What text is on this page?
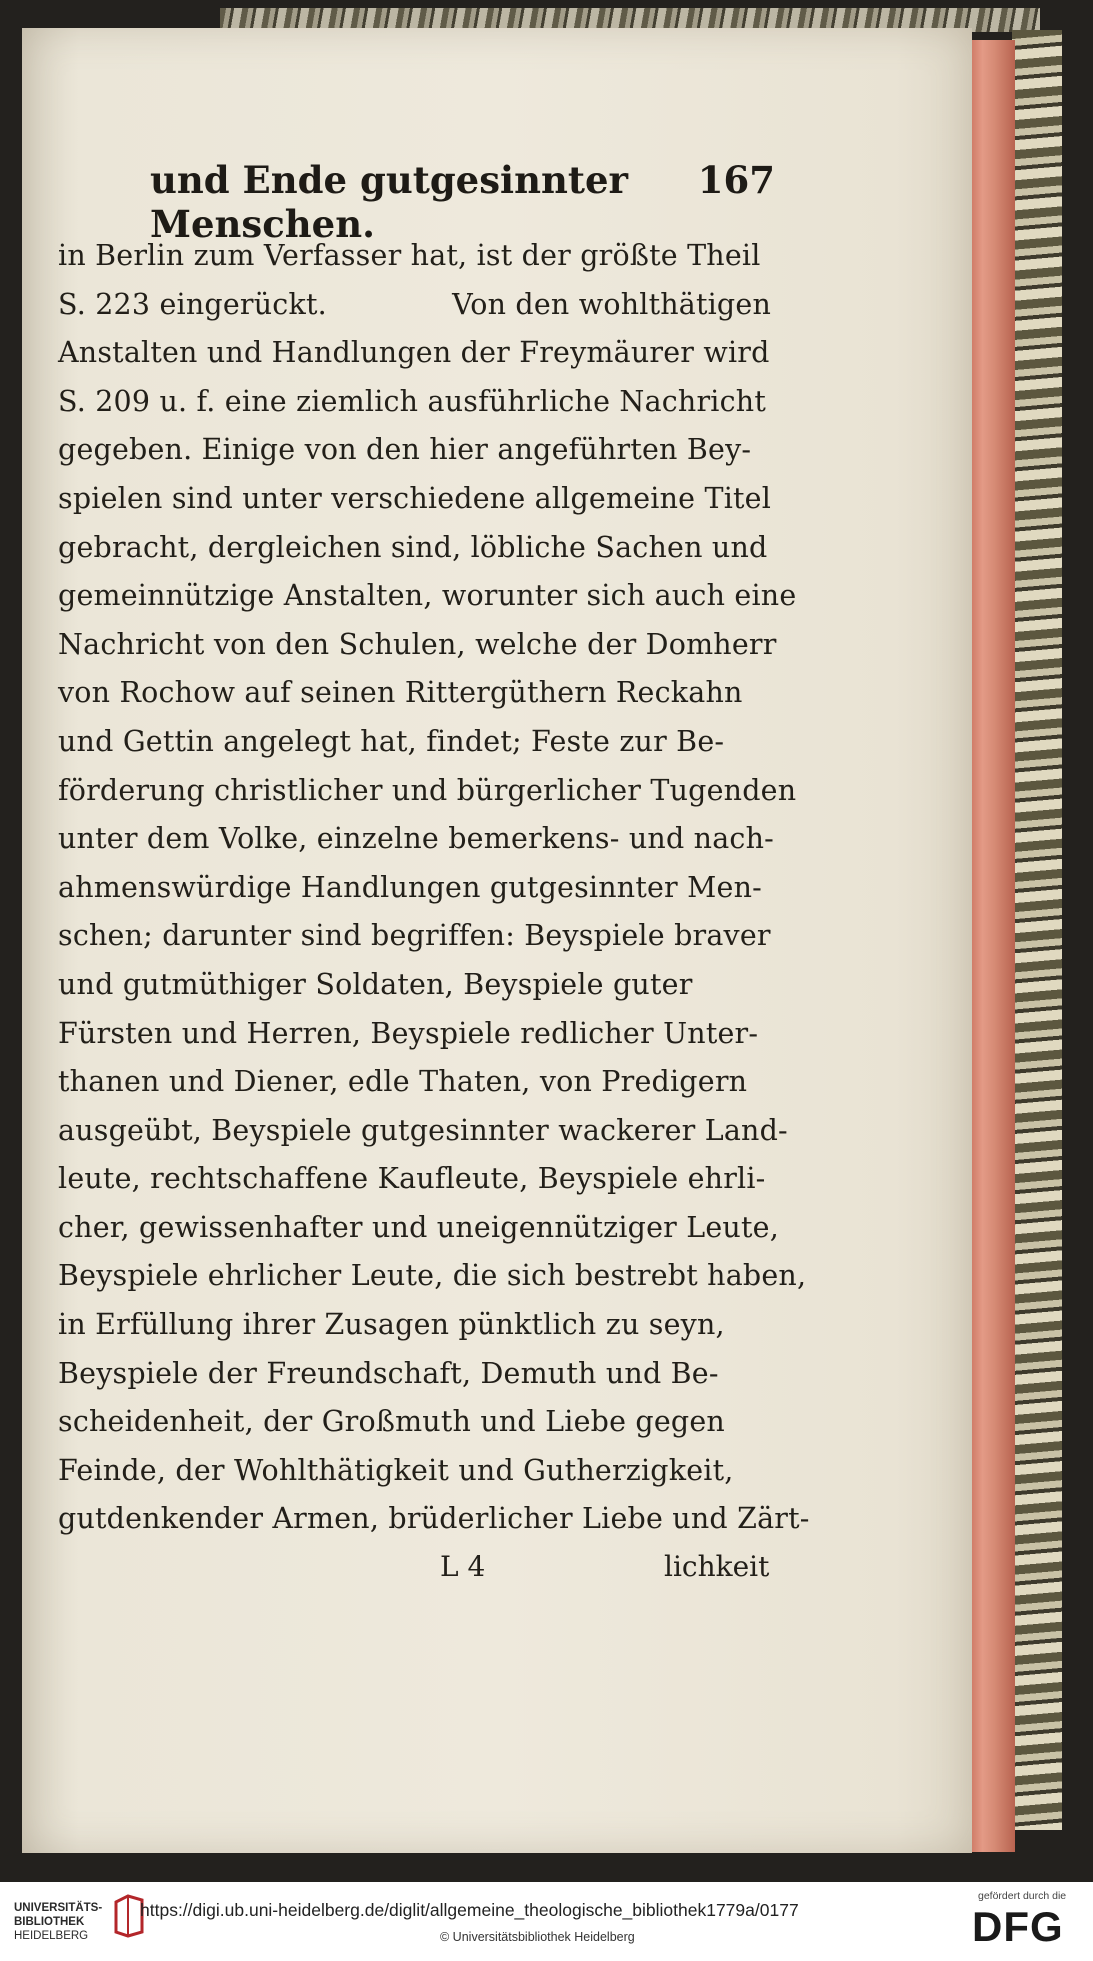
und Ende gutgesinnter Menschen.
167
in Berlin zum Verfasser hat, ist der größte Theil
S. 223 eingerückt.	Von den wohlthätigen
Anstalten und Handlungen der Freymäurer wird
S. 209 u. f. eine ziemlich ausführliche Nachricht
gegeben. Einige von den hier angeführten Bey-
spielen sind unter verschiedene allgemeine Titel
gebracht, dergleichen sind, löbliche Sachen und
gemeinnützige Anstalten, worunter sich auch eine
Nachricht von den Schulen, welche der Domherr
von Rochow auf seinen Rittergüthern Reckahn
und Gettin angelegt hat, findet; Feste zur Be-
förderung christlicher und bürgerlicher Tugenden
unter dem Volke, einzelne bemerkens- und nach-
ahmenswürdige Handlungen gutgesinnter Men-
schen; darunter sind begriffen: Beyspiele braver
und gutmüthiger Soldaten, Beyspiele guter
Fürsten und Herren, Beyspiele redlicher Unter-
thanen und Diener, edle Thaten, von Predigern
ausgeübt, Beyspiele gutgesinnter wackerer Land-
leute, rechtschaffene Kaufleute, Beyspiele ehrli-
cher, gewissenhafter und uneigennütziger Leute,
Beyspiele ehrlicher Leute, die sich bestrebt haben,
in Erfüllung ihrer Zusagen pünktlich zu seyn,
Beyspiele der Freundschaft, Demuth und Be-
scheidenheit, der Großmuth und Liebe gegen
Feinde, der Wohlthätigkeit und Gutherzigkeit,
gutdenkender Armen, brüderlicher Liebe und Zärt-
L 4	lichkeit
UNIVERSITÄTS-
BIBLIOTHEK
HEIDELBERG
https://digi.ub.uni-heidelberg.de/diglit/allgemeine_theologische_bibliothek1779a/0177
© Universitätsbibliothek Heidelberg
gefördert durch die
DFG
